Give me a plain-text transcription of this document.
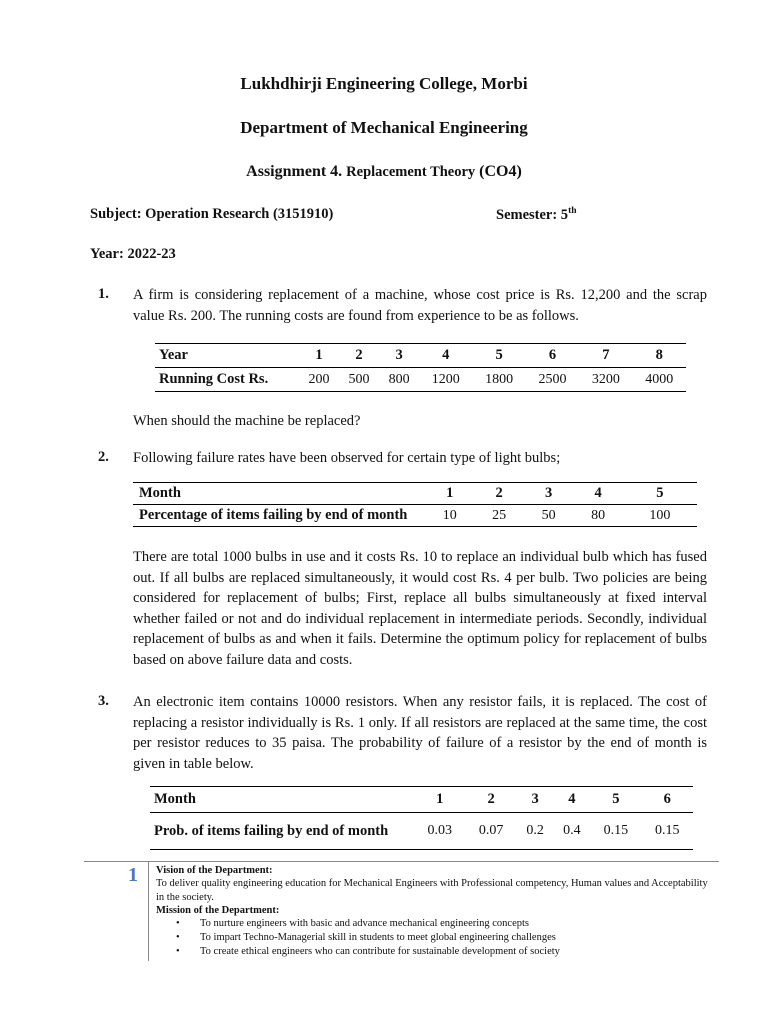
Lukhdhirji Engineering College, Morbi
Department of Mechanical Engineering
Assignment 4. Replacement Theory (CO4)
Subject: Operation Research (3151910)	Semester: 5th
Year: 2022-23
1. A firm is considering replacement of a machine, whose cost price is Rs. 12,200 and the scrap value Rs. 200. The running costs are found from experience to be as follows.
Year	1	2	3	4	5	6	7	8
Running Cost Rs.	200	500	800	1200	1800	2500	3200	4000
When should the machine be replaced?
2. Following failure rates have been observed for certain type of light bulbs;
Month	1	2	3	4	5
Percentage of items failing by end of month	10	25	50	80	100
There are total 1000 bulbs in use and it costs Rs. 10 to replace an individual bulb which has fused out. If all bulbs are replaced simultaneously, it would cost Rs. 4 per bulb. Two policies are being considered for replacement of bulbs; First, replace all bulbs simultaneously at fixed interval whether failed or not and do individual replacement in intermediate periods. Secondly, individual replacement of bulbs as and when it fails. Determine the optimum policy for replacement of bulbs based on above failure data and costs.
3. An electronic item contains 10000 resistors. When any resistor fails, it is replaced. The cost of replacing a resistor individually is Rs. 1 only. If all resistors are replaced at the same time, the cost per resistor reduces to 35 paisa. The probability of failure of a resistor by the end of month is given in table below.
Month	1	2	3	4	5	6
Prob. of items failing by end of month	0.03	0.07	0.2	0.4	0.15	0.15
1 Vision of the Department:
To deliver quality engineering education for Mechanical Engineers with Professional competency, Human values and Acceptability in the society.
Mission of the Department:
• To nurture engineers with basic and advance mechanical engineering concepts
• To impart Techno-Managerial skill in students to meet global engineering challenges
• To create ethical engineers who can contribute for sustainable development of society
